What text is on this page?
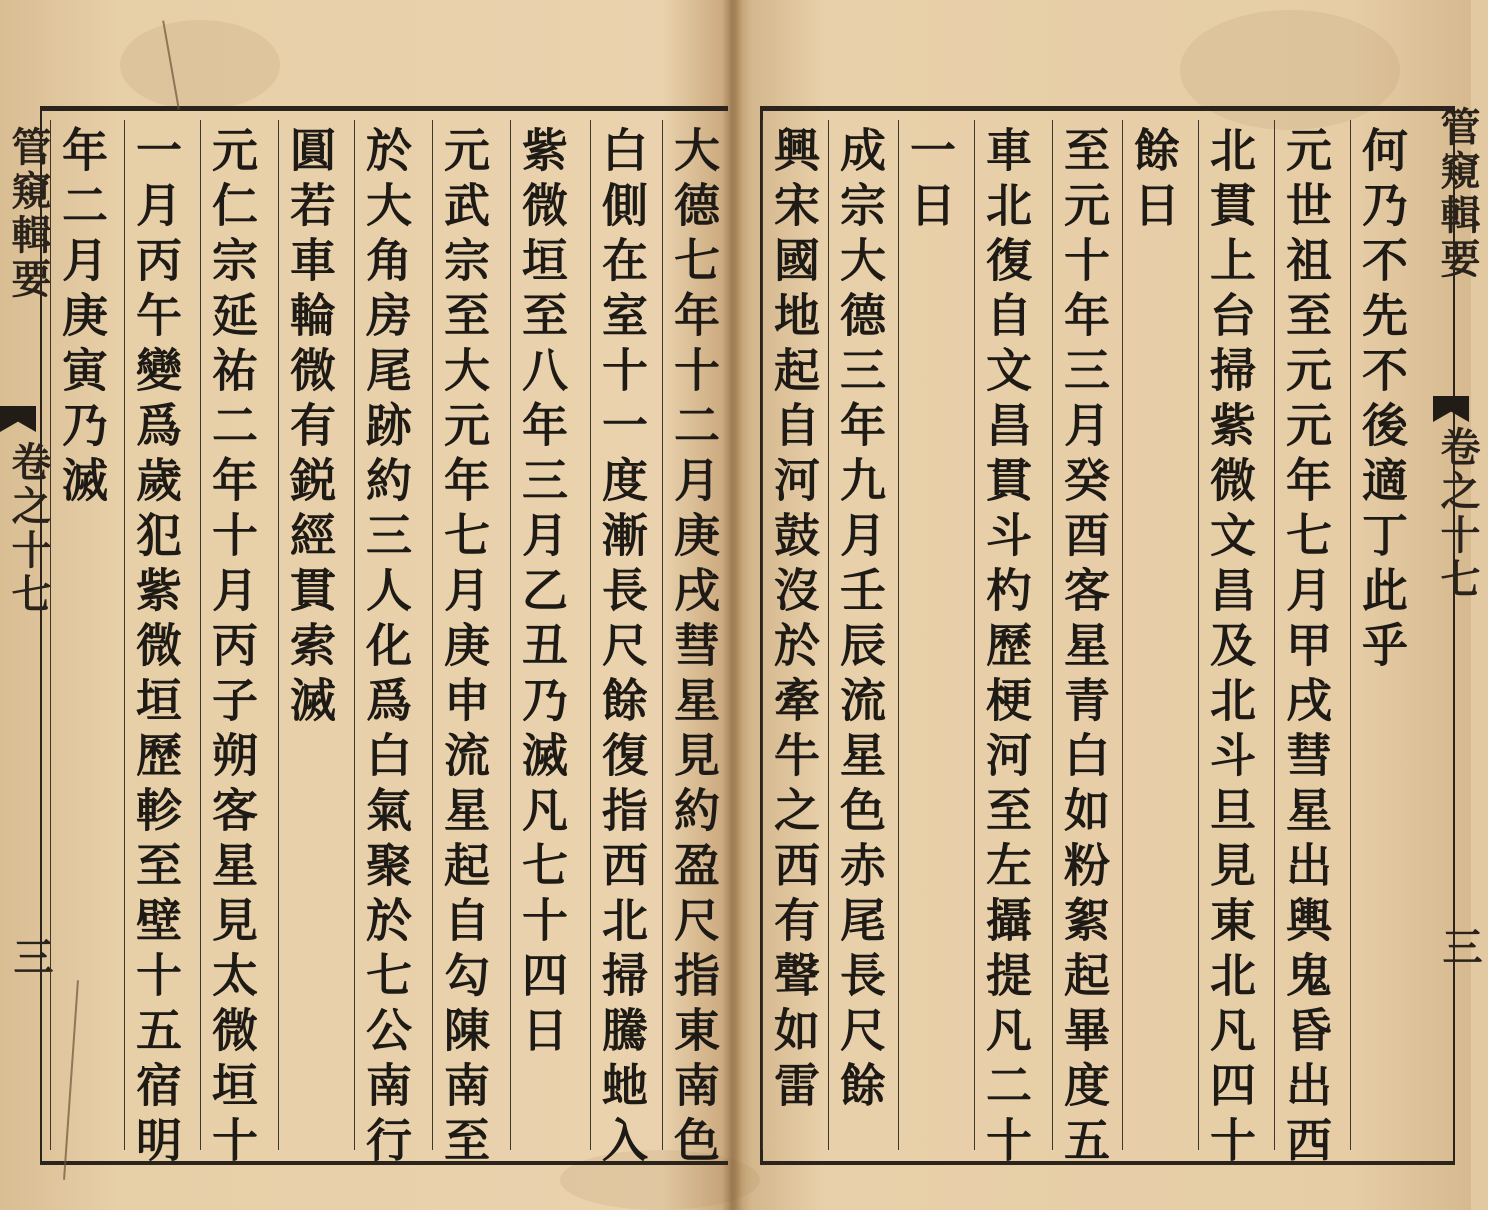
管窺輯要
卷之十七
三	大德七年十二月庚戌彗星見約盈尺指東南色
白側在室十一度漸長尺餘復指西北掃騰虵入
紫微垣至八年三月乙丑乃滅凡七十四日
元武宗至大元年七月庚申流星起自勾陳南至
於大角房尾跡約三人化爲白氣聚於七公南行
圓若車輪微有鋭經貫索滅
元仁宗延祐二年十月丙子朔客星見太微垣十
一月丙午變爲歲犯紫微垣歷軫至壁十五宿明
年二月庚寅乃滅	何乃不先不後適丁此乎
元世祖至元元年七月甲戌彗星出輿鬼昏出西
北貫上台掃紫微文昌及北斗旦見東北凡四十
餘日
至元十年三月癸酉客星青白如粉絮起畢度五
車北復自文昌貫斗杓歷梗河至左攝提凡二十
一日
成宗大德三年九月壬辰流星色赤尾長尺餘
興宋國地起自河鼓沒於牽牛之西有聲如雷	管窺輯要
卷之十七
三
